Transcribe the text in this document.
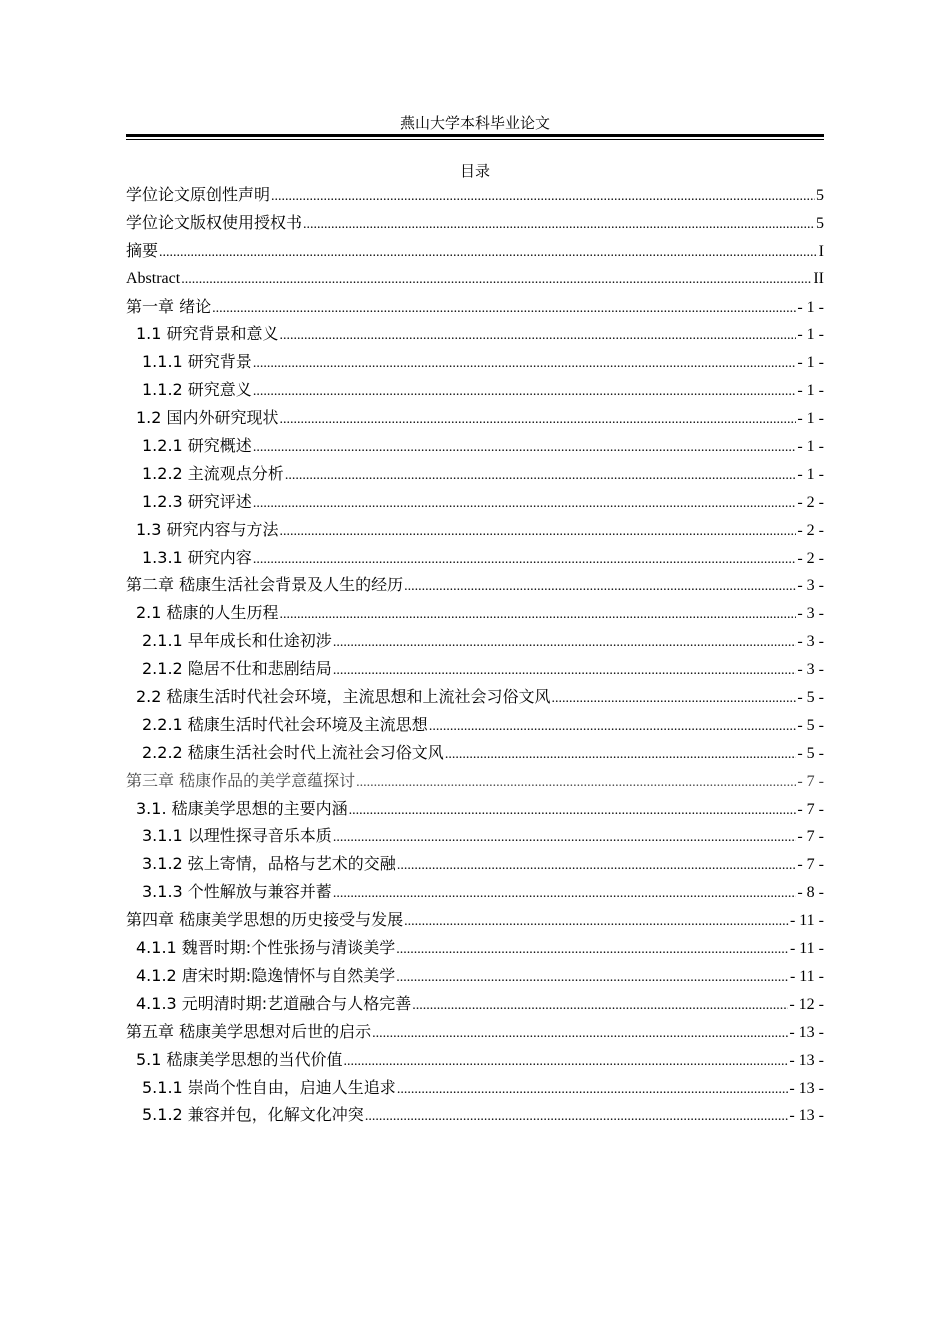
燕山大学本科毕业论文
目录
学位论文原创性声明 .....	5
学位论文版权使用授权书 .....	5
摘要 .....	I
Abstract .....	II
第一章 绪论 .....	- 1 -
1.1 研究背景和意义 .....	- 1 -
1.1.1 研究背景 .....	- 1 -
1.1.2 研究意义 .....	- 1 -
1.2 国内外研究现状 .....	- 1 -
1.2.1 研究概述 .....	- 1 -
1.2.2 主流观点分析 .....	- 1 -
1.2.3 研究评述 .....	- 2 -
1.3 研究内容与方法 .....	- 2 -
1.3.1 研究内容 .....	- 2 -
第二章 嵇康生活社会背景及人生的经历 .....	- 3 -
2.1 嵇康的人生历程 .....	- 3 -
2.1.1 早年成长和仕途初涉 .....	- 3 -
2.1.2 隐居不仕和悲剧结局 .....	- 3 -
2.2 嵇康生活时代社会环境，主流思想和上流社会习俗文风 .....	- 5 -
2.2.1 嵇康生活时代社会环境及主流思想 .....	- 5 -
2.2.2 嵇康生活社会时代上流社会习俗文风 .....	- 5 -
第三章 嵇康作品的美学意蕴探讨 .....	- 7 -
3.1. 嵇康美学思想的主要内涵 .....	- 7 -
3.1.1 以理性探寻音乐本质 .....	- 7 -
3.1.2 弦上寄情，品格与艺术的交融 .....	- 7 -
3.1.3 个性解放与兼容并蓄 .....	- 8 -
第四章 嵇康美学思想的历史接受与发展 .....	- 11 -
4.1.1 魏晋时期:个性张扬与清谈美学 .....	- 11 -
4.1.2 唐宋时期:隐逸情怀与自然美学 .....	- 11 -
4.1.3 元明清时期:艺道融合与人格完善 .....	- 12 -
第五章 嵇康美学思想对后世的启示 .....	- 13 -
5.1 嵇康美学思想的当代价值 .....	- 13 -
5.1.1 崇尚个性自由，启迪人生追求 .....	- 13 -
5.1.2 兼容并包，化解文化冲突 .....	- 13 -
